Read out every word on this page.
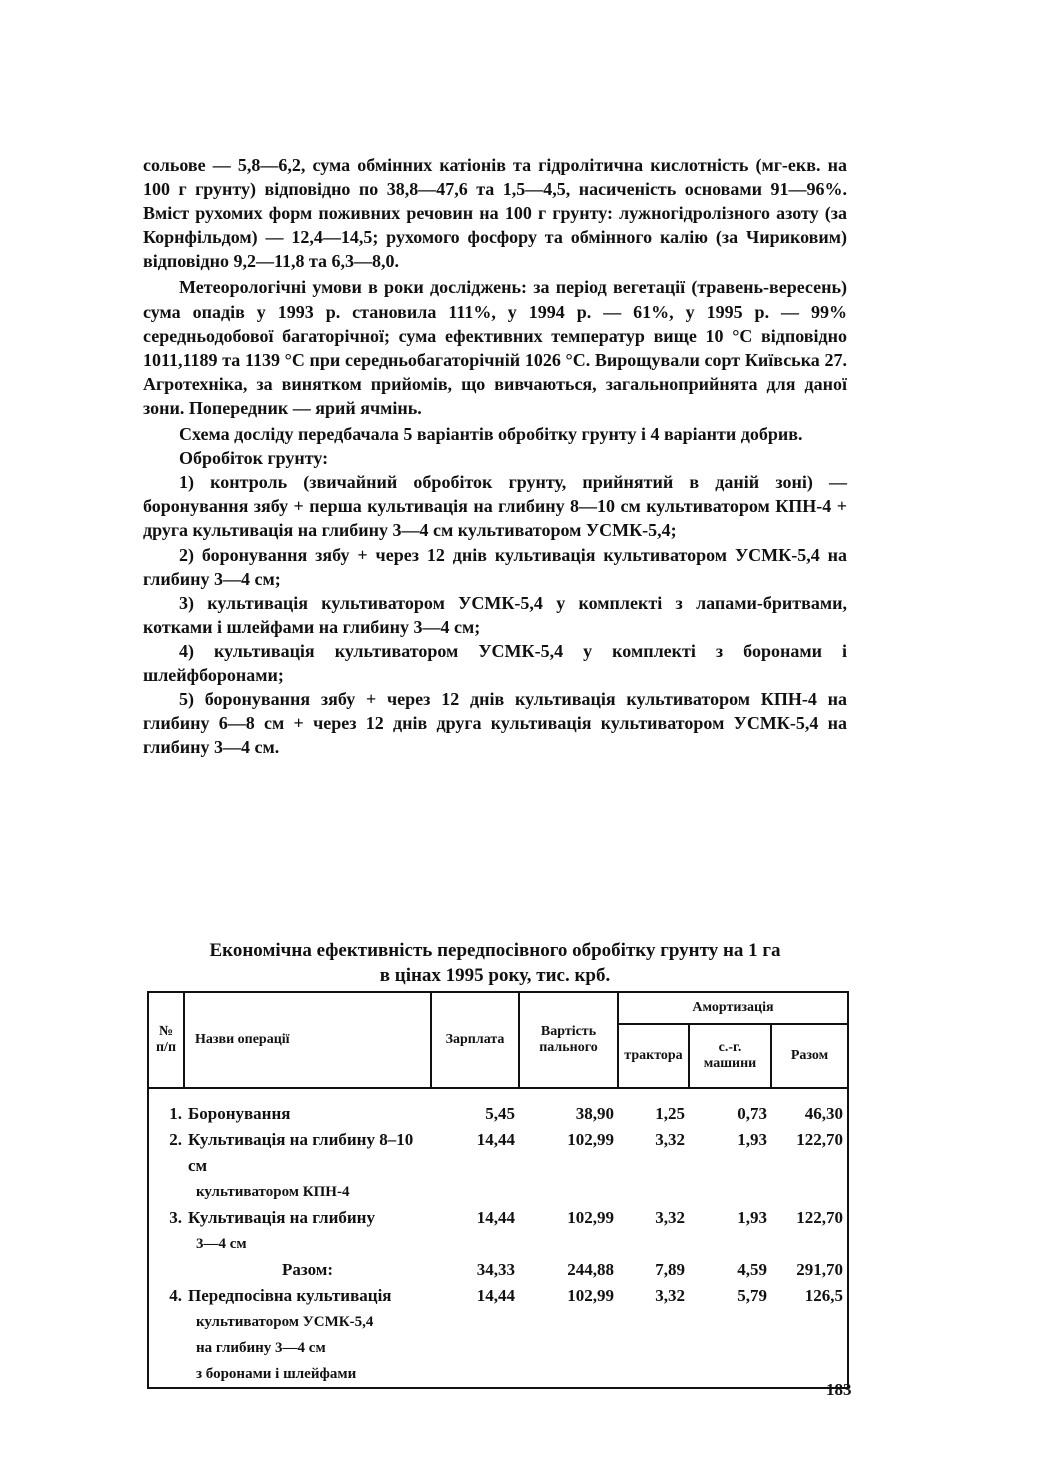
сольове — 5,8—6,2, сума обмінних катіонів та гідролітична кислотність (мг-екв. на 100 г грунту) відповідно по 38,8—47,6 та 1,5—4,5, насиченість основами 91—96%. Вміст рухомих форм поживних речовин на 100 г грунту: лужногідролізного азоту (за Корнфільдом) — 12,4—14,5; рухомого фосфору та обмінного калію (за Чириковим) відповідно 9,2—11,8 та 6,3—8,0.

Метеорологічні умови в роки досліджень: за період вегетації (травень-вересень) сума опадів у 1993 р. становила 111%, у 1994 р. — 61%, у 1995 р. — 99% середньодобової багаторічної; сума ефективних температур вище 10 °С відповідно 1011,1189 та 1139 °С при середньобагаторічній 1026 °С. Вирощували сорт Київська 27. Агротехніка, за винятком прийомів, що вивчаються, загальноприйнята для даної зони. Попередник — ярий ячмінь.

Схема досліду передбачала 5 варіантів обробітку грунту і 4 варіанти добрив.

Обробіток грунту:

1) контроль (звичайний обробіток грунту, прийнятий в даній зоні) — боронування зябу + перша культивація на глибину 8—10 см культиватором КПН-4 + друга культивація на глибину 3—4 см культиватором УСМК-5,4;

2) боронування зябу + через 12 днів культивація культиватором УСМК-5,4 на глибину 3—4 см;

3) культивація культиватором УСМК-5,4 у комплекті з лапами-бритвами, котками і шлейфами на глибину 3—4 см;

4) культивація культиватором УСМК-5,4 у комплекті з боронами і шлейфборонами;

5) боронування зябу + через 12 днів культивація культиватором КПН-4 на глибину 6—8 см + через 12 днів друга культивація культиватором УСМК-5,4 на глибину 3—4 см.

Економічна ефективність передпосівного обробітку грунту на 1 га
в цінах 1995 року, тис. крб.
№ п/п	Назви операції	Зарплата	Вартість пального	Амортизація		
				трактора	с.-г. машини	Разом
1.	Боронування	5,45	38,90	1,25	0,73	46,30
2.	Культивація на глибину 8–10 см
культиватором КПН-4	14,44	102,99	3,32	1,93	122,70
3.	Культивація на глибину
3—4 см	14,44	102,99	3,32	1,93	122,70
	Разом:	34,33	244,88	7,89	4,59	291,70
4.	Передпосівна культивація
культиватором УСМК-5,4
на глибину 3—4 см
з боронами і шлейфами	14,44	102,99	3,32	5,79	126,5
183
